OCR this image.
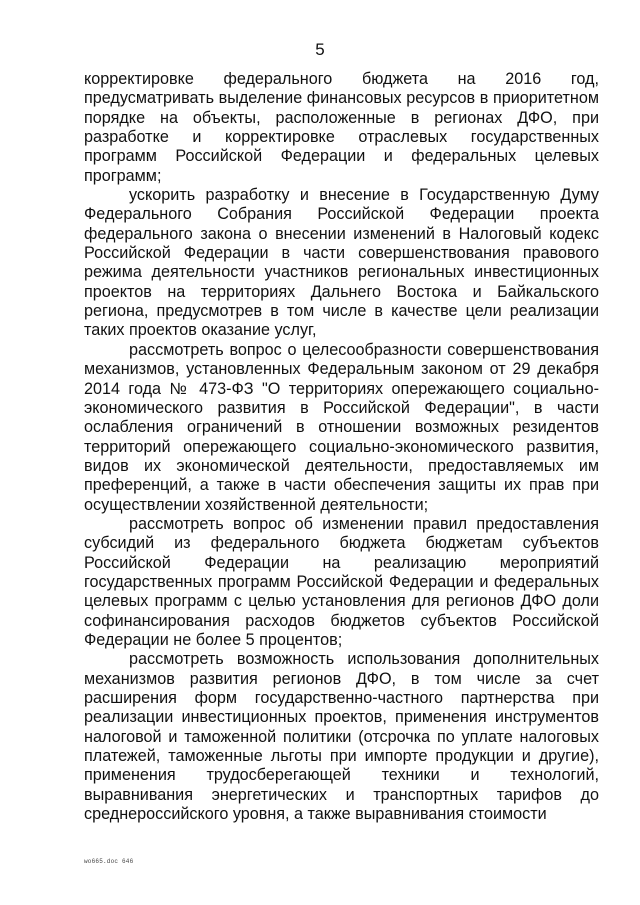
5

корректировке федерального бюджета на 2016 год, предусматривать выделение финансовых ресурсов в приоритетном порядке на объекты, расположенные в регионах ДФО, при разработке и корректировке отраслевых государственных программ Российской Федерации и федеральных целевых программ;

ускорить разработку и внесение в Государственную Думу Федерального Собрания Российской Федерации проекта федерального закона о внесении изменений в Налоговый кодекс Российской Федерации в части совершенствования правового режима деятельности участников региональных инвестиционных проектов на территориях Дальнего Востока и Байкальского региона, предусмотрев в том числе в качестве цели реализации таких проектов оказание услуг,

рассмотреть вопрос о целесообразности совершенствования механизмов, установленных Федеральным законом от 29 декабря 2014 года № 473-ФЗ "О территориях опережающего социально-экономического развития в Российской Федерации", в части ослабления ограничений в отношении возможных резидентов территорий опережающего социально-экономического развития, видов их экономической деятельности, предоставляемых им преференций, а также в части обеспечения защиты их прав при осуществлении хозяйственной деятельности;

рассмотреть вопрос об изменении правил предоставления субсидий из федерального бюджета бюджетам субъектов Российской Федерации на реализацию мероприятий государственных программ Российской Федерации и федеральных целевых программ с целью установления для регионов ДФО доли софинансирования расходов бюджетов субъектов Российской Федерации не более 5 процентов;

рассмотреть возможность использования дополнительных механизмов развития регионов ДФО, в том числе за счет расширения форм государственно-частного партнерства при реализации инвестиционных проектов, применения инструментов налоговой и таможенной политики (отсрочка по уплате налоговых платежей, таможенные льготы при импорте продукции и другие), применения трудосберегающей техники и технологий, выравнивания энергетических и транспортных тарифов до среднероссийского уровня, а также выравнивания стоимости

wo665.doc 646
